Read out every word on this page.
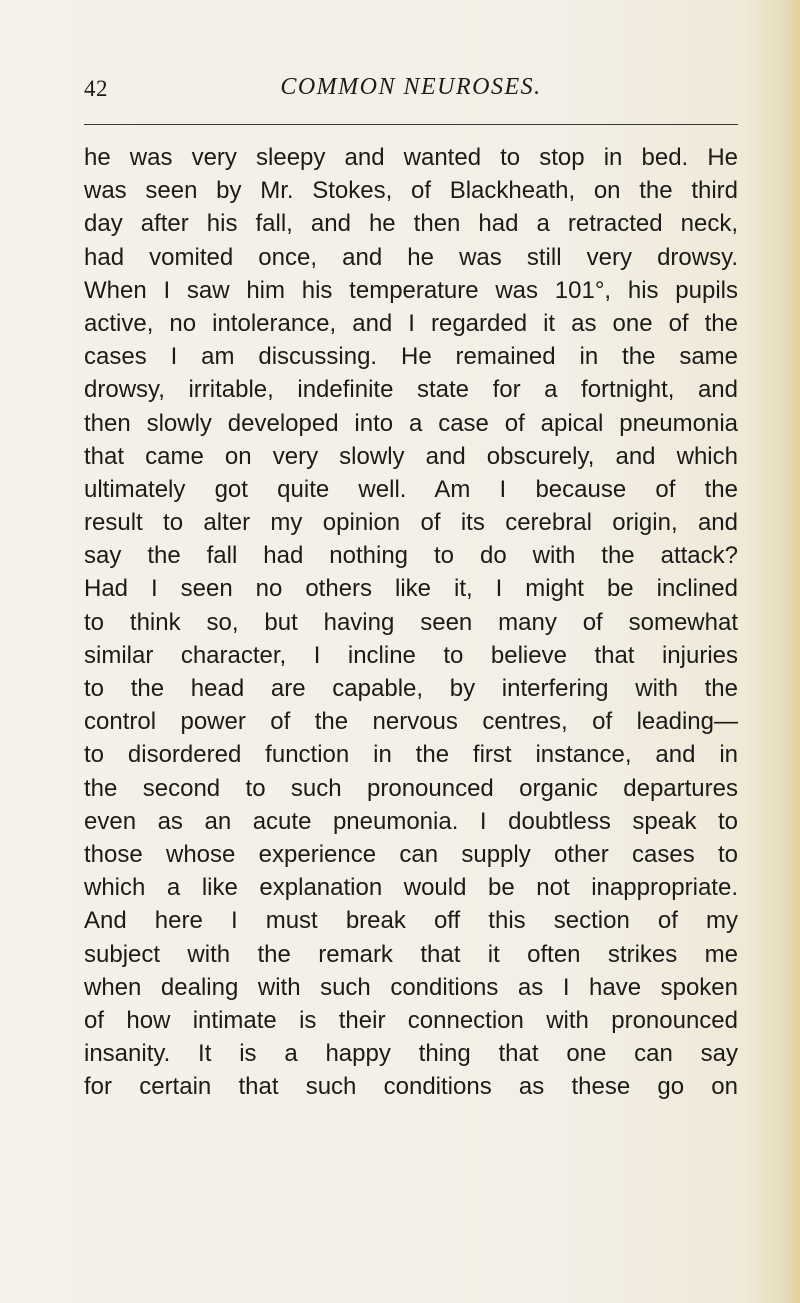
42	COMMON NEUROSES.
he was very sleepy and wanted to stop in bed. He
was seen by Mr. Stokes, of Blackheath, on the third
day after his fall, and he then had a retracted neck,
had vomited once, and he was still very drowsy.
When I saw him his temperature was 101°, his pupils
active, no intolerance, and I regarded it as one of the
cases I am discussing. He remained in the same
drowsy, irritable, indefinite state for a fortnight, and
then slowly developed into a case of apical pneumonia
that came on very slowly and obscurely, and which
ultimately got quite well. Am I because of the
result to alter my opinion of its cerebral origin, and
say the fall had nothing to do with the attack?
Had I seen no others like it, I might be inclined
to think so, but having seen many of somewhat
similar character, I incline to believe that injuries
to the head are capable, by interfering with the
control power of the nervous centres, of leading—
to disordered function in the first instance, and in
the second to such pronounced organic departures
even as an acute pneumonia. I doubtless speak to
those whose experience can supply other cases to
which a like explanation would be not inappropriate.
And here I must break off this section of my
subject with the remark that it often strikes me
when dealing with such conditions as I have spoken
of how intimate is their connection with pronounced
insanity. It is a happy thing that one can say
for certain that such conditions as these go on
